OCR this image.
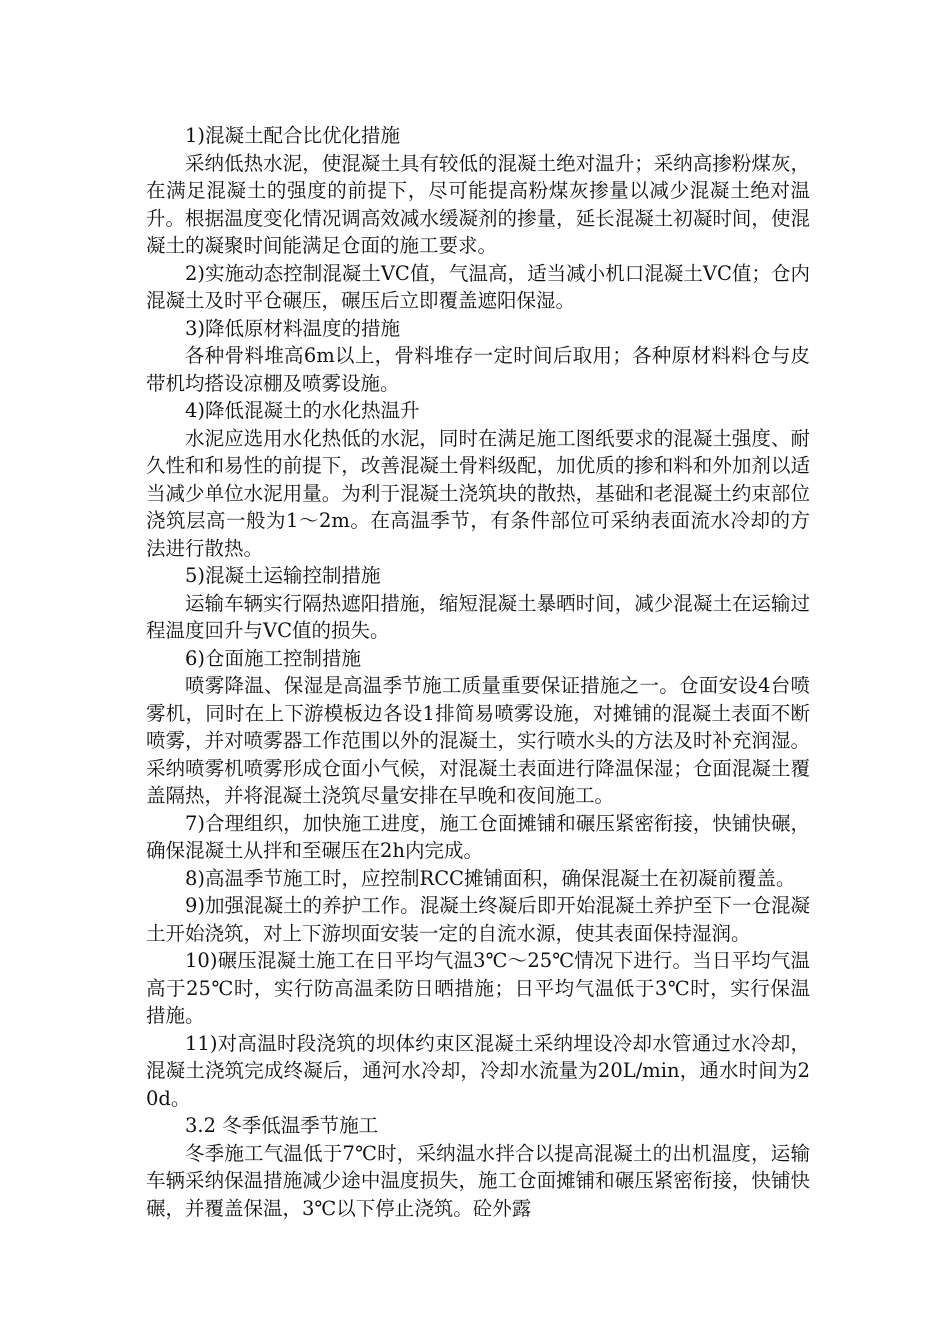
1)混凝土配合比优化措施

采纳低热水泥，使混凝土具有较低的混凝土绝对温升；采纳高掺粉煤灰，在满足混凝土的强度的前提下，尽可能提高粉煤灰掺量以减少混凝土绝对温升。根据温度变化情况调高效减水缓凝剂的掺量，延长混凝土初凝时间，使混凝土的凝聚时间能满足仓面的施工要求。

2)实施动态控制混凝土VC值，气温高，适当减小机口混凝土VC值；仓内混凝土及时平仓碾压，碾压后立即覆盖遮阳保湿。

3)降低原材料温度的措施

各种骨料堆高6m以上，骨料堆存一定时间后取用；各种原材料料仓与皮带机均搭设凉棚及喷雾设施。

4)降低混凝土的水化热温升

水泥应选用水化热低的水泥，同时在满足施工图纸要求的混凝土强度、耐久性和和易性的前提下，改善混凝土骨料级配，加优质的掺和料和外加剂以适当减少单位水泥用量。为利于混凝土浇筑块的散热，基础和老混凝土约束部位浇筑层高一般为1～2m。在高温季节，有条件部位可采纳表面流水冷却的方法进行散热。

5)混凝土运输控制措施

运输车辆实行隔热遮阳措施，缩短混凝土暴晒时间，减少混凝土在运输过程温度回升与VC值的损失。

6)仓面施工控制措施

喷雾降温、保湿是高温季节施工质量重要保证措施之一。仓面安设4台喷雾机，同时在上下游模板边各设1排简易喷雾设施，对摊铺的混凝土表面不断喷雾，并对喷雾器工作范围以外的混凝土，实行喷水头的方法及时补充润湿。采纳喷雾机喷雾形成仓面小气候，对混凝土表面进行降温保湿；仓面混凝土覆盖隔热，并将混凝土浇筑尽量安排在早晚和夜间施工。

7)合理组织，加快施工进度，施工仓面摊铺和碾压紧密衔接，快铺快碾，确保混凝土从拌和至碾压在2h内完成。

8)高温季节施工时，应控制RCC摊铺面积，确保混凝土在初凝前覆盖。

9)加强混凝土的养护工作。混凝土终凝后即开始混凝土养护至下一仓混凝土开始浇筑，对上下游坝面安装一定的自流水源，使其表面保持湿润。

10)碾压混凝土施工在日平均气温3℃～25℃情况下进行。当日平均气温高于25℃时，实行防高温柔防日晒措施；日平均气温低于3℃时，实行保温措施。

11)对高温时段浇筑的坝体约束区混凝土采纳埋设冷却水管通过水冷却，混凝土浇筑完成终凝后，通河水冷却，冷却水流量为20L/min，通水时间为20d。

3.2 冬季低温季节施工

冬季施工气温低于7℃时，采纳温水拌合以提高混凝土的出机温度，运输车辆采纳保温措施减少途中温度损失，施工仓面摊铺和碾压紧密衔接，快铺快碾，并覆盖保温，3℃以下停止浇筑。砼外露
